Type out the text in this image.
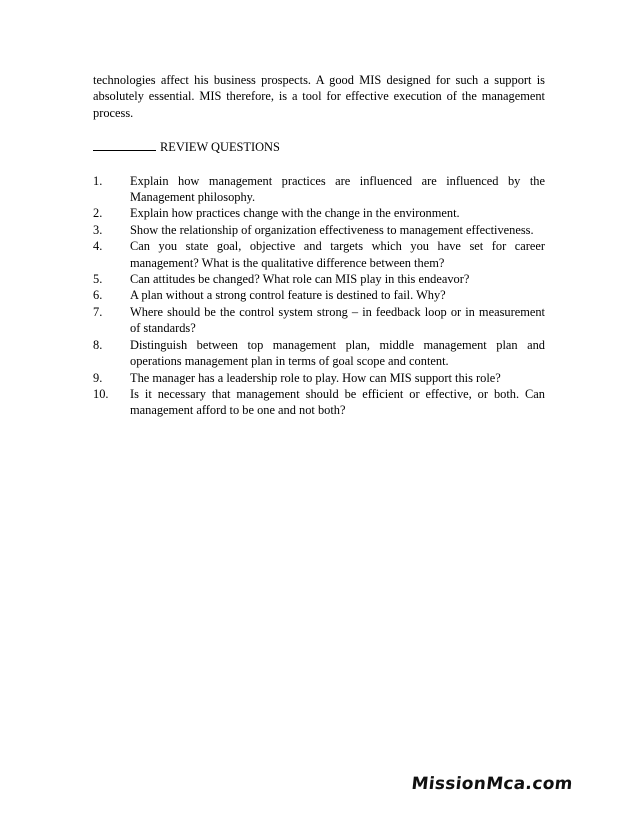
technologies affect his business prospects. A good MIS designed for such a support is absolutely essential. MIS therefore, is a tool for effective execution of the management process.

REVIEW QUESTIONS
1.	Explain how management practices are influenced are influenced by the Management philosophy.
2.	Explain how practices change with the change in the environment.
3.	Show the relationship of organization effectiveness to management effectiveness.
4.	Can you state goal, objective and targets which you have set for career management? What is the qualitative difference between them?
5.	Can attitudes be changed? What role can MIS play in this endeavor?
6.	A plan without a strong control feature is destined to fail. Why?
7.	Where should be the control system strong – in feedback loop or in measurement of standards?
8.	Distinguish between top management plan, middle management plan and operations management plan in terms of goal scope and content.
9.	The manager has a leadership role to play. How can MIS support this role?
10.	Is it necessary that management should be efficient or effective, or both. Can management afford to be one and not both?
MissionMca.com
